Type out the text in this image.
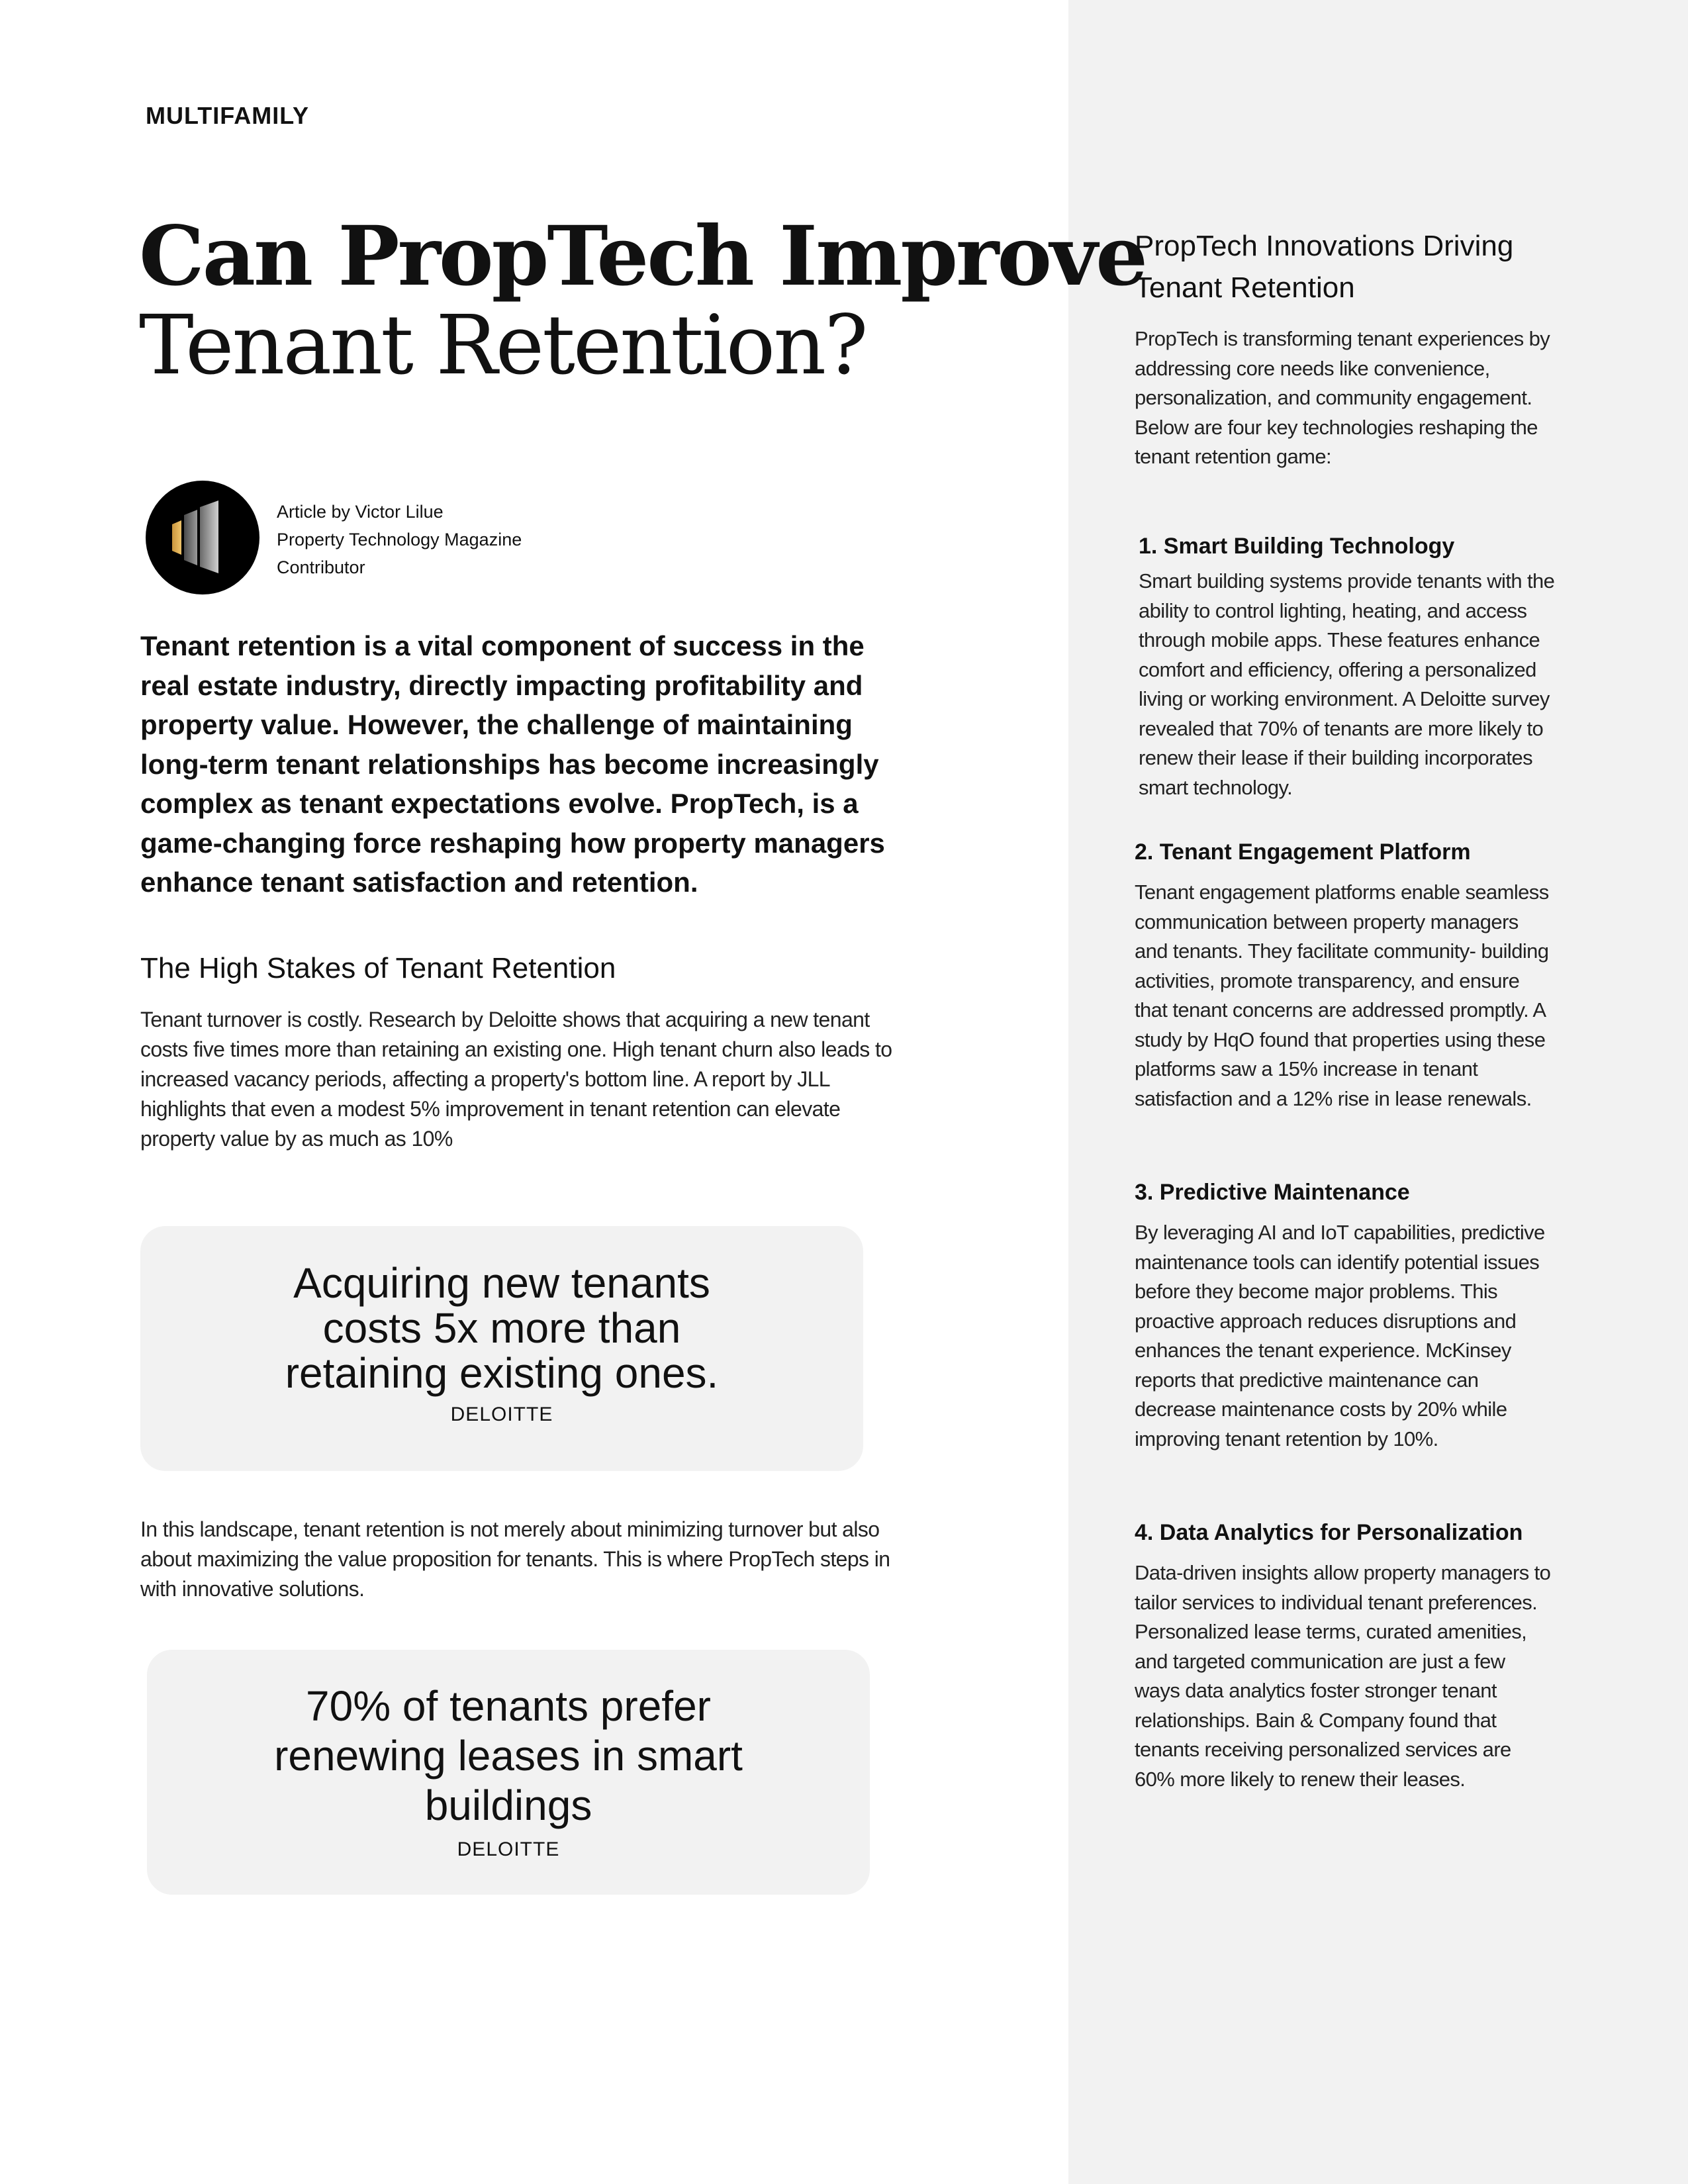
MULTIFAMILY
Can PropTech Improve
Tenant Retention?
Article by Victor Lilue
Property Technology Magazine
Contributor
Tenant retention is a vital component of success in the real estate industry, directly impacting profitability and property value. However, the challenge of maintaining long-term tenant relationships has become increasingly complex as tenant expectations evolve. PropTech, is a game-changing force reshaping how property managers enhance tenant satisfaction and retention.
The High Stakes of Tenant Retention
Tenant turnover is costly. Research by Deloitte shows that acquiring a new tenant costs five times more than retaining an existing one. High tenant churn also leads to increased vacancy periods, affecting a property's bottom line. A report by JLL highlights that even a modest 5% improvement in tenant retention can elevate property value by as much as 10%
Acquiring new tenants costs 5x more than retaining existing ones.
DELOITTE
In this landscape, tenant retention is not merely about minimizing turnover but also about maximizing the value proposition for tenants. This is where PropTech steps in with innovative solutions.
70% of tenants prefer renewing leases in smart buildings
DELOITTE
PropTech Innovations Driving Tenant Retention
PropTech is transforming tenant experiences by addressing core needs like convenience, personalization, and community engagement. Below are four key technologies reshaping the tenant retention game:
1. Smart Building Technology
Smart building systems provide tenants with the ability to control lighting, heating, and access through mobile apps. These features enhance comfort and efficiency, offering a personalized living or working environment. A Deloitte survey revealed that 70% of tenants are more likely to renew their lease if their building incorporates smart technology.
2. Tenant Engagement Platform
Tenant engagement platforms enable seamless communication between property managers and tenants. They facilitate community- building activities, promote transparency, and ensure that tenant concerns are addressed promptly. A study by HqO found that properties using these platforms saw a 15% increase in tenant satisfaction and a 12% rise in lease renewals.
3. Predictive Maintenance
By leveraging AI and IoT capabilities, predictive maintenance tools can identify potential issues before they become major problems. This proactive approach reduces disruptions and enhances the tenant experience. McKinsey reports that predictive maintenance can decrease maintenance costs by 20% while improving tenant retention by 10%.
4. Data Analytics for Personalization
Data-driven insights allow property managers to tailor services to individual tenant preferences. Personalized lease terms, curated amenities, and targeted communication are just a few ways data analytics foster stronger tenant relationships. Bain & Company found that tenants receiving personalized services are 60% more likely to renew their leases.
